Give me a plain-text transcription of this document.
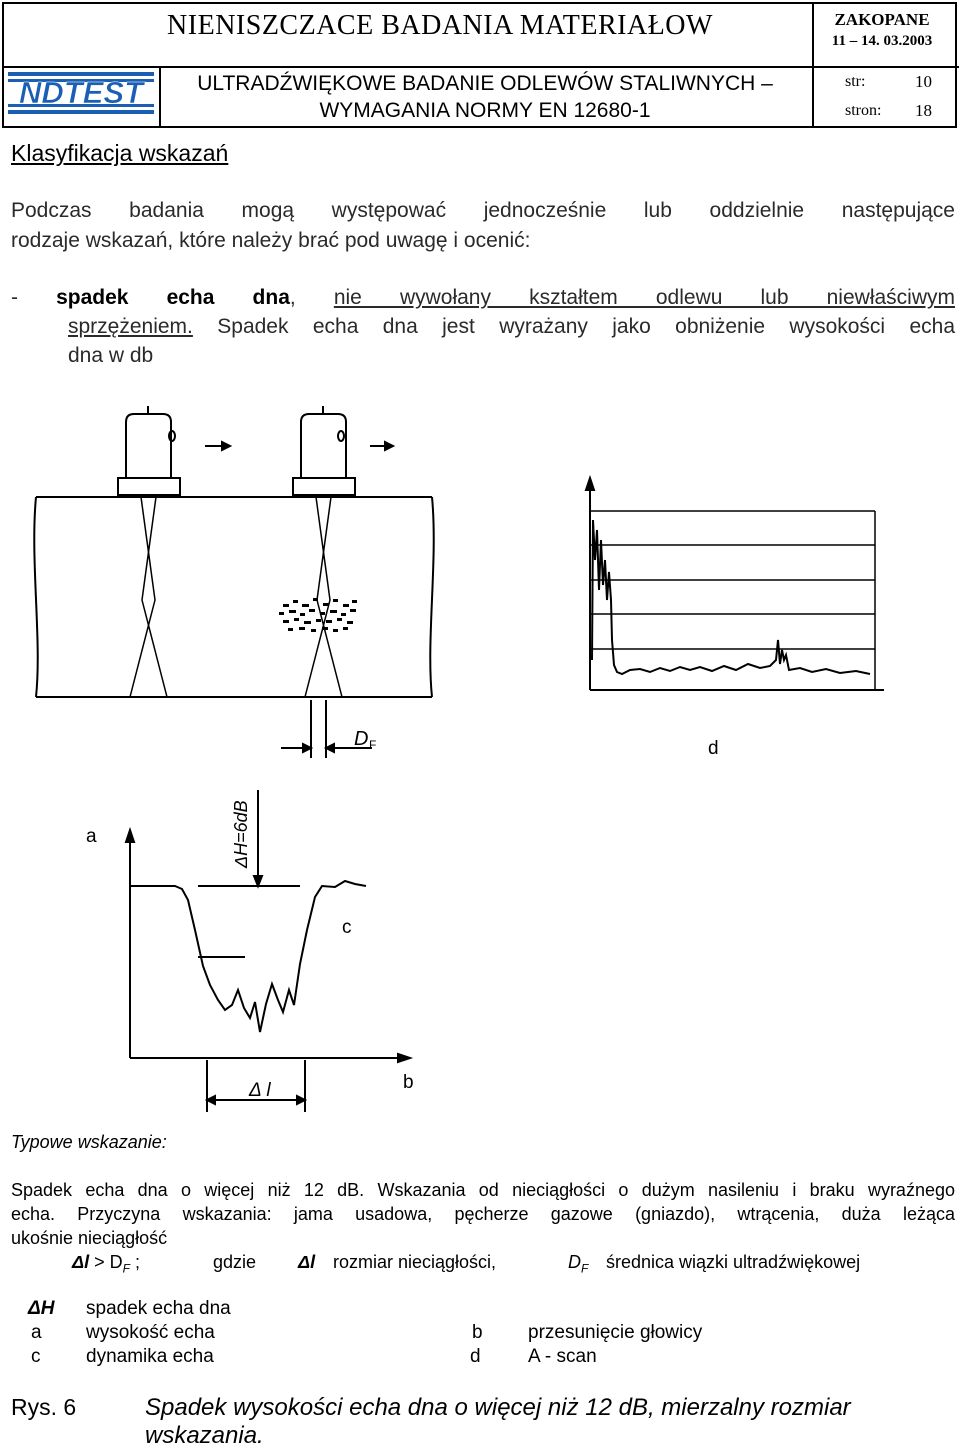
NIENISZCZACE BADANIA MATERIAŁOW	ZAKOPANE
11 – 14. 03.2003
NDTEST	ULTRADŹWIĘKOWE BADANIE ODLEWÓW STALIWNYCH –
WYMAGANIA NORMY EN 12680-1
str:	10
stron: 18
Klasyfikacja wskazań
Podczas badania mogą występować jednocześnie lub oddzielnie następujące
rodzaje wskazań, które należy brać pod uwagę i ocenić:
- spadek echa dna, nie wywołany kształtem odlewu lub niewłaściwym
sprzężeniem. Spadek echa dna jest wyrażany jako obniżenie wysokości echa
dna w db
D F	d
a
c
b
Δ l
ΔH=6dB
Typowe wskazanie:
Spadek echa dna o więcej niż 12 dB. Wskazania od nieciągłości o dużym nasileniu i braku wyraźnego
echa. Przyczyna wskazania: jama usadowa, pęcherze gazowe (gniazdo), wtrącenia, duża leżąca
ukośnie nieciągłość
$\Delta l > D_F$ ;	gdzie Δl rozmiar nieciągłości,	$D_F$ średnica wiązki ultradźwiękowej
ΔH spadek echa dna
a wysokość echa	b przesunięcie głowicy
c dynamika echa	d A - scan
Rys. 6	Spadek wysokości echa dna o więcej niż 12 dB, mierzalny rozmiar
wskazania.
